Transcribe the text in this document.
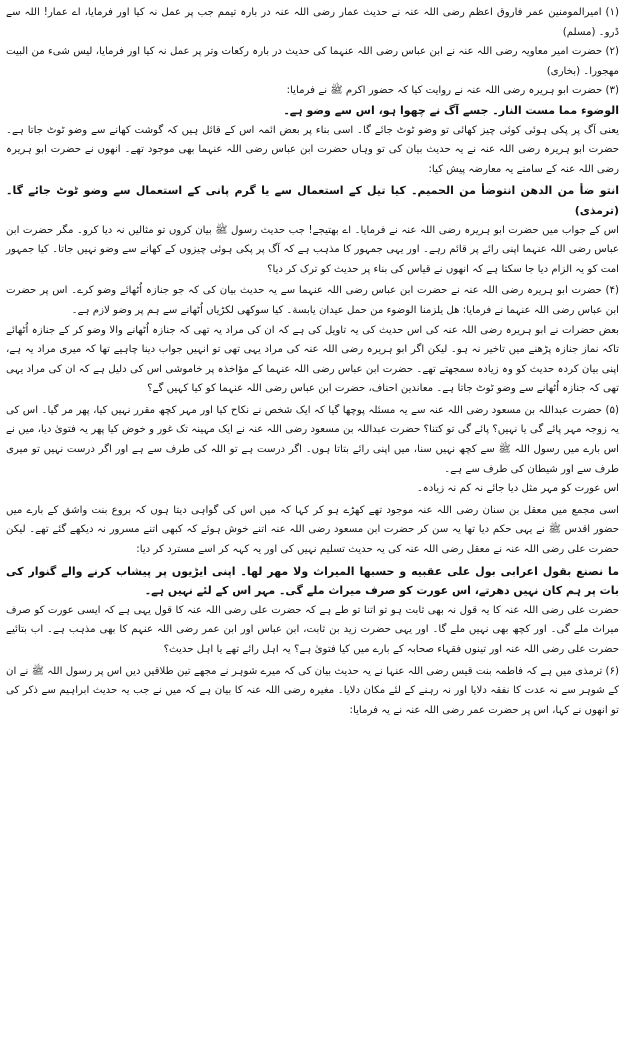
(۱) امیرالمومنین عمر فاروق اعظم رضی اللہ عنہ نے حدیث عمار رضی اللہ عنہ در بارہ تیمم جب پر عمل نہ کیا اور فرمایا، اے عمار! اللہ سے ڈرو۔ (مسلم)

(۲) حضرت امیر معاویہ رضی اللہ عنہ نے ابن عباس رضی اللہ عنہما کی حدیث در بارہ رکعات وتر پر عمل نہ کیا اور فرمایا، لیس شیء من البیت مهجورا۔ (بخاری)

(۳) حضرت ابو ہریرہ رضی اللہ عنہ نے روایت کیا کہ حضور اکرم ﷺ نے فرمایا:

الوضوء مما مست النار۔ جسے آگ نے چھوا ہو، اس سے وضو ہے۔

یعنی آگ پر پکی ہوئی کوئی چیز کھائی تو وضو ٹوٹ جائے گا۔ اسی بناء پر بعض ائمہ اس کے قائل ہیں کہ گوشت کھانے سے وضو ٹوٹ جاتا ہے۔ حضرت ابو ہریرہ رضی اللہ عنہ نے یہ حدیث بیان کی تو وہاں حضرت ابن عباس رضی اللہ عنہما بھی موجود تھے۔ انھوں نے حضرت ابو ہریرہ رضی اللہ عنہ کے سامنے یہ معارضہ پیش کیا:

انتو ضأ من الدهن انتوضأ من الحمیم۔ کیا تیل کے استعمال سے یا گرم پانی کے استعمال سے وضو ٹوٹ جائے گا۔ (ترمذی)

اس کے جواب میں حضرت ابو ہریرہ رضی اللہ عنہ نے فرمایا۔ اے بھتیجے! جب حدیث رسول ﷺ بیان کروں تو مثالیں نہ دیا کرو۔ مگر حضرت ابن عباس رضی اللہ عنہما اپنی رائے پر قائم رہے۔ اور یہی جمہور کا مذہب ہے کہ آگ پر پکی ہوئی چیزوں کے کھانے سے وضو نہیں جاتا۔ کیا جمہور امت کو یہ الزام دیا جا سکتا ہے کہ انھوں نے قیاس کی بناء پر حدیث کو ترک کر دیا؟

(۴) حضرت ابو ہریرہ رضی اللہ عنہ نے حضرت ابن عباس رضی اللہ عنہما سے یہ حدیث بیان کی کہ جو جنازہ اُٹھائے وضو کرے۔ اس پر حضرت ابن عباس رضی اللہ عنہما نے فرمایا: هل یلزمنا الوضوء من حمل عیدان یابسة۔ کیا سوکھی لکڑیاں اُٹھانے سے ہم پر وضو لازم ہے۔

بعض حضرات نے ابو ہریرہ رضی اللہ عنہ کی اس حدیث کی یہ تاویل کی ہے کہ ان کی مراد یہ تھی کہ جنازہ اُٹھانے والا وضو کر کے جنازہ اُٹھائے تاکہ نماز جنازہ پڑھنے میں تاخیر نہ ہو۔ لیکن اگر ابو ہریرہ رضی اللہ عنہ کی مراد یہی تھی تو انہیں جواب دینا چاہیے تھا کہ میری مراد یہ ہے، اپنی بیان کردہ حدیث کو وہ زیادہ سمجھتے تھے۔ حضرت ابن عباس رضی اللہ عنہما کے مؤاخذہ پر خاموشی اس کی دلیل ہے کہ ان کی مراد یہی تھی کہ جنازہ اُٹھانے سے وضو ٹوٹ جاتا ہے۔ معاندین احناف، حضرت ابن عباس رضی اللہ عنہما کو کیا کہیں گے؟

(۵) حضرت عبداللہ بن مسعود رضی اللہ عنہ سے یہ مسئلہ پوچھا گیا کہ ایک شخص نے نکاح کیا اور مہر کچھ مقرر نہیں کیا، پھر مر گیا۔ اس کی یہ زوجہ مہر پائے گی یا نہیں؟ پائے گی تو کتنا؟ حضرت عبداللہ بن مسعود رضی اللہ عنہ نے ایک مہینہ تک غور و خوض کیا پھر یہ فتویٰ دیا، میں نے اس بارے میں رسول اللہ ﷺ سے کچھ نہیں سنا، میں اپنی رائے بتاتا ہوں۔ اگر درست ہے تو اللہ کی طرف سے ہے اور اگر درست نہیں تو میری طرف سے اور شیطان کی طرف سے ہے۔

اس عورت کو مہر مثل دیا جائے نہ کم نہ زیادہ۔

اسی مجمع میں معقل بن سنان رضی اللہ عنہ موجود تھے کھڑے ہو کر کہا کہ میں اس کی گواہی دیتا ہوں کہ بروع بنت واشق کے بارے میں حضور اقدس ﷺ نے یہی حکم دیا تھا یہ سن کر حضرت ابن مسعود رضی اللہ عنہ اتنے خوش ہوئے کہ کبھی اتنے مسرور نہ دیکھے گئے تھے۔ لیکن حضرت علی رضی اللہ عنہ نے معقل رضی اللہ عنہ کی یہ حدیث تسلیم نہیں کی اور یہ کہہ کر اسے مسترد کر دیا:

ما نصنع بقول اعرابی بول علی عقبیه و حسبها المیراث ولا مهر لها۔ اپنی ایڑیوں پر پیشاب کرنے والے گنوار کی بات پر ہم کان نہیں دھرتے، اس عورت کو صرف میراث ملے گی۔ مہر اس کے لئے نہیں ہے۔

حضرت علی رضی اللہ عنہ کا یہ قول نہ بھی ثابت ہو تو اتنا تو طے ہے کہ حضرت علی رضی اللہ عنہ کا قول یہی ہے کہ ایسی عورت کو صرف میراث ملے گی۔ اور کچھ بھی نہیں ملے گا۔ اور یہی حضرت زید بن ثابت، ابن عباس اور ابن عمر رضی اللہ عنہم کا بھی مذہب ہے۔ اب بتائیے حضرت علی رضی اللہ عنہ اور تینوں فقہاء صحابہ کے بارے میں کیا فتویٰ ہے؟ یہ اہل رائے تھے یا اہل حدیث؟

(۶) ترمذی میں ہے کہ فاطمہ بنت قیس رضی اللہ عنہا نے یہ حدیث بیان کی کہ میرے شوہر نے مجھے تین طلاقیں دیں اس پر رسول اللہ ﷺ نے ان کے شوہر سے نہ عدت کا نفقہ دلایا اور نہ رہنے کے لئے مکان دلایا۔ مغیرہ رضی اللہ عنہ کا بیان ہے کہ میں نے جب یہ حدیث ابراہیم سے ذکر کی تو انھوں نے کہا، اس پر حضرت عمر رضی اللہ عنہ نے یہ فرمایا:
